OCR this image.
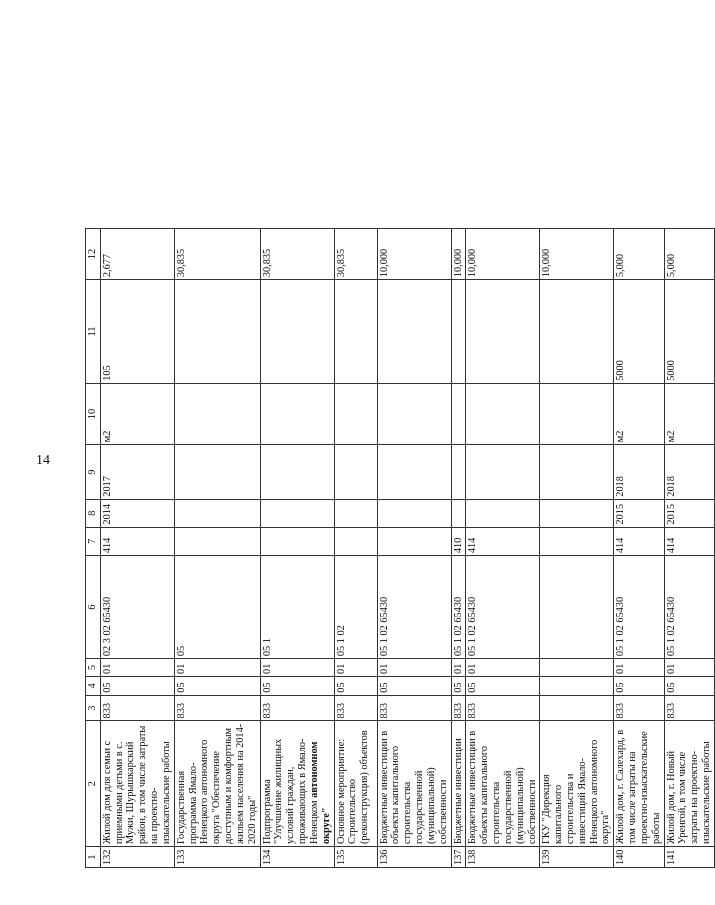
14
1	2	3	4	5	6	7	8	9	10	11	12
132	Жилой дом для семьи с приемными детьми в с. Мужи, Шурышкарский район, в том числе затраты на проектно-изыскательские работы	833	05	01	02 3 02 65430	414	2014	2017	м2	105	2,677
133	Государственная программа Ямало-Ненецкого автономного округа "Обеспечение доступным и комфортным жильем населения на 2014-2020 годы"	833	05	01	05						30,835
134	Подпрограмма "Улучшение жилищных условий граждан, проживающих в Ямало-Ненецком автономном округе"	833	05	01	05 1						30,835
135	Основное мероприятие: Строительство (реконструкция) объектов	833	05	01	05 1 02						30,835
136	Бюджетные инвестиции в объекты капитального строительства государственной (муниципальной) собственности	833	05	01	05 1 02 65430						10,000
137	Бюджетные инвестиции	833	05	01	05 1 02 65430	410					10,000
138	Бюджетные инвестиции в объекты капитального строительства государственной (муниципальной) собственности	833	05	01	05 1 02 65430	414					10,000
139	ГКУ "Дирекция капитального строительства и инвестиций Ямало-Ненецкого автономного округа"										10,000
140	Жилой дом, г. Салехард, в том числе затраты на проектно-изыскательские работы	833	05	01	05 1 02 65430	414	2015	2018	м2	5000	5,000
141	Жилой дом, г. Новый Уренгой, в том числе затраты на проектно-изыскательские работы	833	05	01	05 1 02 65430	414	2015	2018	м2	5000	5,000
